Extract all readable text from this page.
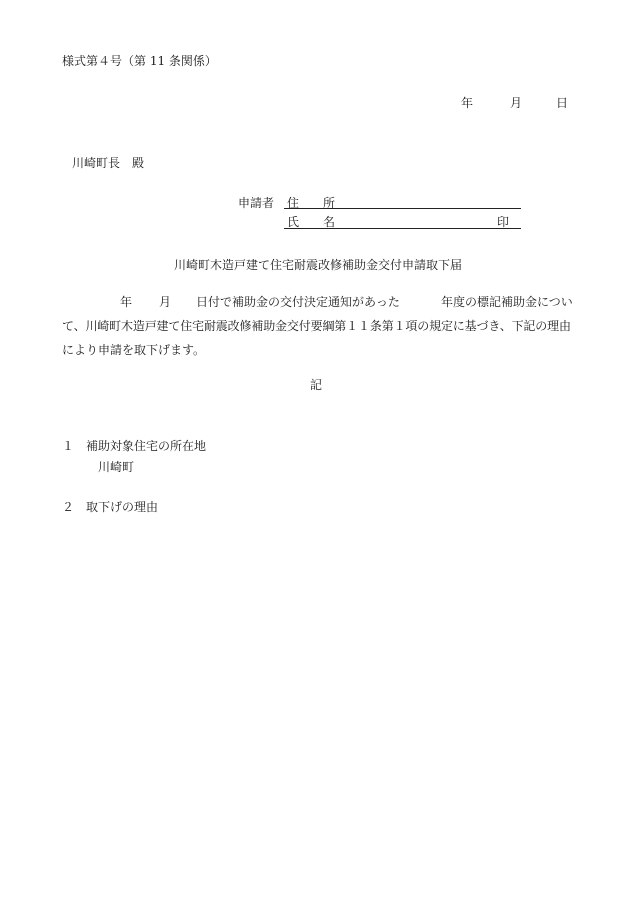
様式第４号（第 11 条関係）
年	月	日
川崎町長　殿
申請者 住　　所
氏　　名	印
川崎町木造戸建て住宅耐震改修補助金交付申請取下届
年 月 日付で補助金の交付決定通知があった	年度の標記補助金につい
て、川崎町木造戸建て住宅耐震改修補助金交付要綱第１１条第１項の規定に基づき、下記の理由
により申請を取下げます。
記
１ 補助対象住宅の所在地
川崎町
２ 取下げの理由
